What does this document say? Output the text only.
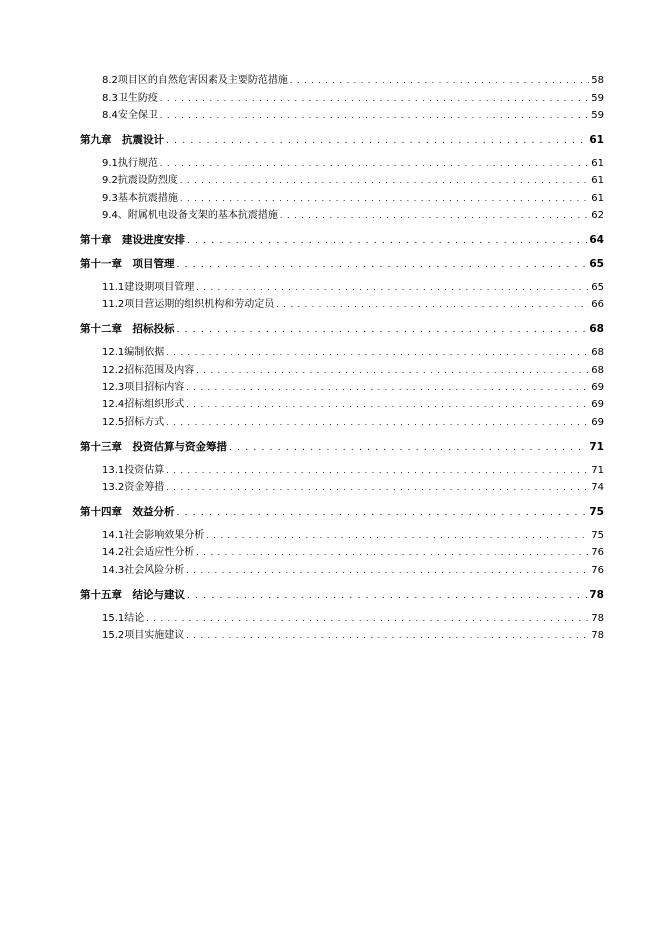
8.2项目区的自然危害因素及主要防范措施 . . .	58
8.3卫生防疫 . . .	59
8.4安全保卫 . . .	59
第九章　抗震设计 . . .	61
9.1执行规范 . . .	61
9.2抗震设防烈度 . . .	61
9.3基本抗震措施 . . .	61
9.4、附属机电设备支架的基本抗震措施 . . .	62
第十章　建设进度安排 . . .	64
第十一章　项目管理 . . .	65
11.1建设期项目管理 . . .	65
11.2项目营运期的组织机构和劳动定员 . . .	66
第十二章　招标投标 . . .	68
12.1编制依据 . . .	68
12.2招标范围及内容 . . .	68
12.3项目招标内容 . . .	69
12.4招标组织形式 . . .	69
12.5招标方式 . . .	69
第十三章　投资估算与资金筹措 . . .	71
13.1投资估算 . . .	71
13.2资金筹措 . . .	74
第十四章　效益分析 . . .	75
14.1社会影响效果分析 . . .	75
14.2社会适应性分析 . . .	76
14.3社会风险分析 . . .	76
第十五章　结论与建议 . . .	78
15.1结论 . . .	78
15.2项目实施建议 . . .	78
